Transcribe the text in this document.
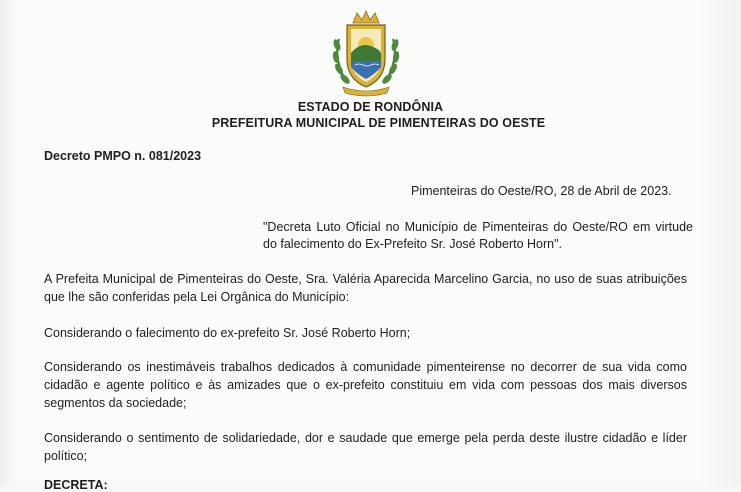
ESTADO DE RONDÔNIA
PREFEITURA MUNICIPAL DE PIMENTEIRAS DO OESTE
Decreto PMPO n. 081/2023
Pimenteiras do Oeste/RO, 28 de Abril de 2023.
"Decreta Luto Oficial no Município de Pimenteiras do Oeste/RO em virtude do falecimento do Ex-Prefeito Sr. José Roberto Horn".
A Prefeita Municipal de Pimenteiras do Oeste, Sra. Valéria Aparecida Marcelino Garcia, no uso de suas atribuições que lhe são conferidas pela Lei Orgânica do Município:
Considerando o falecimento do ex-prefeito Sr. José Roberto Horn;
Considerando os inestimáveis trabalhos dedicados à comunidade pimenteirense no decorrer de sua vida como cidadão e agente político e às amizades que o ex-prefeito constituiu em vida com pessoas dos mais diversos segmentos da sociedade;
Considerando o sentimento de solidariedade, dor e saudade que emerge pela perda deste ilustre cidadão e líder político;
DECRETA:
